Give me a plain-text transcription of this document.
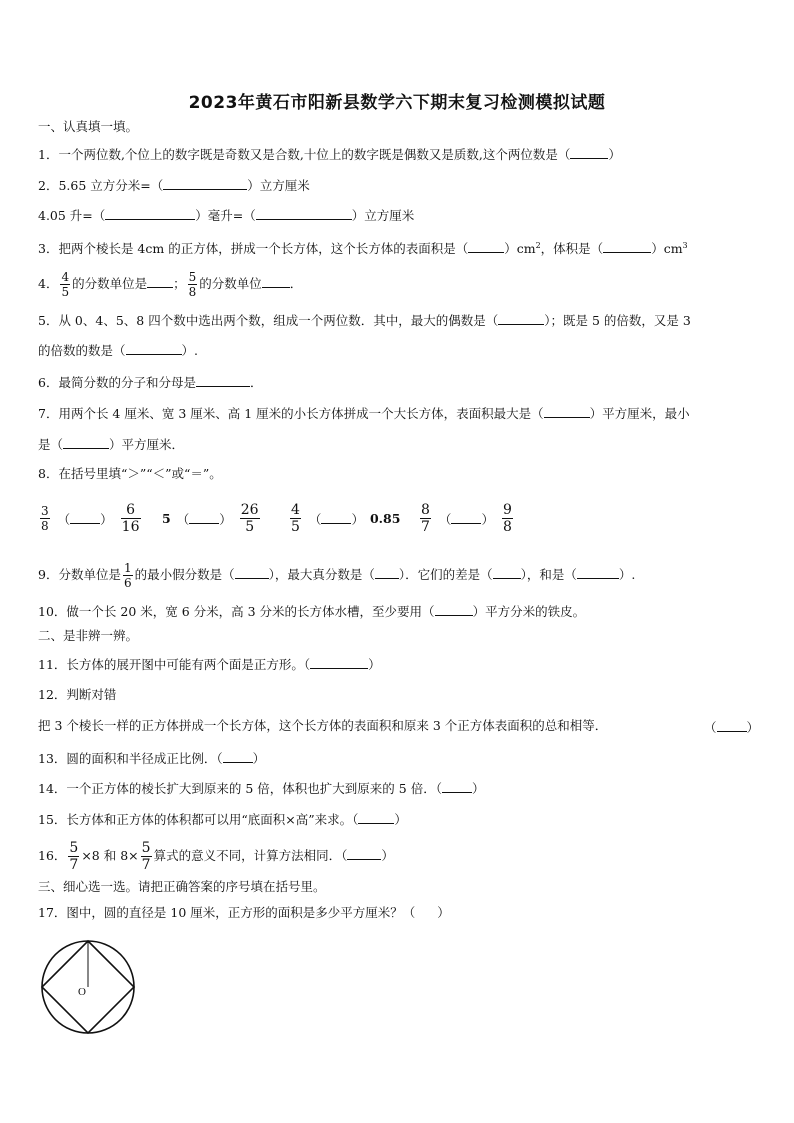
2023年黄石市阳新县数学六下期末复习检测模拟试题
一、认真填一填。
1．一个两位数,个位上的数字既是奇数又是合数,十位上的数字既是偶数又是质数,这个两位数是（	）
2．5.65 立方分米=（	）立方厘米
4.05 升=（	）毫升=（	）立方厘米
3．把两个棱长是 4cm 的正方体，拼成一个长方体，这个长方体的表面积是（	）$cm^2$，体积是（	）$cm^3$
4． $\frac{4}{5}$ 的分数单位是 ； $\frac{5}{8}$ 的分数单位 ．
5．从 0、4、5、8 四个数中选出两个数，组成一个两位数．其中，最大的偶数是（	）；既是 5 的倍数，又是 3
的倍数的数是（	）.
6．最简分数的分子和分母是	．
7．用两个长 4 厘米、宽 3 厘米、高 1 厘米的小长方体拼成一个大长方体，表面积最大是（	）平方厘米，最小
是（	）平方厘米．
8．在括号里填“＞”“＜”或“＝”。
$\frac{3}{8}$ （ ） $\frac{6}{16} 5$ （ ） $\frac{26}{5} \frac{4}{5}$ （ ） $0.85 \frac{8}{7}$ （ ） $\frac{9}{8}$
9．分数单位是 $\frac{1}{6}$ 的最小假分数是（	），最大真分数是（ ）．它们的差是（ ），和是（	）.
10．做一个长 20 米，宽 6 分米，高 3 分米的长方体水槽，至少要用（	）平方分米的铁皮。
二、是非辨一辨。
11．长方体的展开图中可能有两个面是正方形。（	）
12．判断对错
把 3 个棱长一样的正方体拼成一个长方体，这个长方体的表面积和原来 3 个正方体表面积的总和相等．	（ ）
13．圆的面积和半径成正比例．（ ）
14．一个正方体的棱长扩大到原来的 5 倍，体积也扩大到原来的 5 倍．（ ）
15．长方体和正方体的体积都可以用“底面积×高”来求。（	）
16． $\frac{5}{7} \times 8$ 和 $8\times \frac{5}{7}$ 算式的意义不同，计算方法相同．（	）
三、细心选一选。请把正确答案的序号填在括号里。
17．图中，圆的直径是 10 厘米，正方形的面积是多少平方厘米？（ ）
O
